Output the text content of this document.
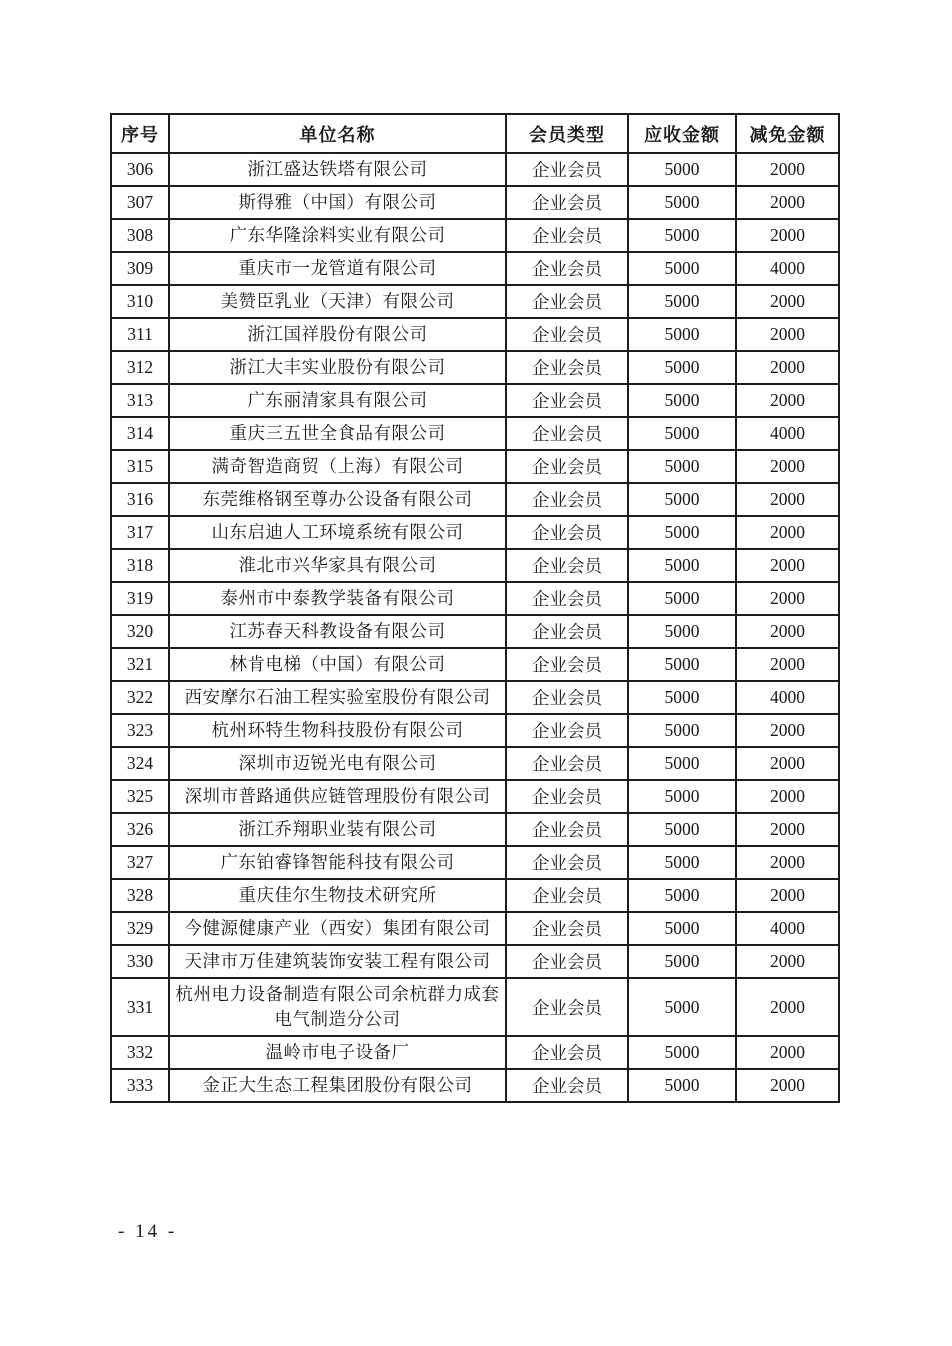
序号	单位名称	会员类型	应收金额	减免金额
306	浙江盛达铁塔有限公司	企业会员	5000	2000
307	斯得雅（中国）有限公司	企业会员	5000	2000
308	广东华隆涂料实业有限公司	企业会员	5000	2000
309	重庆市一龙管道有限公司	企业会员	5000	4000
310	美赞臣乳业（天津）有限公司	企业会员	5000	2000
311	浙江国祥股份有限公司	企业会员	5000	2000
312	浙江大丰实业股份有限公司	企业会员	5000	2000
313	广东丽清家具有限公司	企业会员	5000	2000
314	重庆三五世全食品有限公司	企业会员	5000	4000
315	满奇智造商贸（上海）有限公司	企业会员	5000	2000
316	东莞维格钢至尊办公设备有限公司	企业会员	5000	2000
317	山东启迪人工环境系统有限公司	企业会员	5000	2000
318	淮北市兴华家具有限公司	企业会员	5000	2000
319	泰州市中泰教学装备有限公司	企业会员	5000	2000
320	江苏春天科教设备有限公司	企业会员	5000	2000
321	林肯电梯（中国）有限公司	企业会员	5000	2000
322	西安摩尔石油工程实验室股份有限公司	企业会员	5000	4000
323	杭州环特生物科技股份有限公司	企业会员	5000	2000
324	深圳市迈锐光电有限公司	企业会员	5000	2000
325	深圳市普路通供应链管理股份有限公司	企业会员	5000	2000
326	浙江乔翔职业装有限公司	企业会员	5000	2000
327	广东铂睿锋智能科技有限公司	企业会员	5000	2000
328	重庆佳尔生物技术研究所	企业会员	5000	2000
329	今健源健康产业（西安）集团有限公司	企业会员	5000	4000
330	天津市万佳建筑装饰安装工程有限公司	企业会员	5000	2000
331	杭州电力设备制造有限公司余杭群力成套电气制造分公司	企业会员	5000	2000
332	温岭市电子设备厂	企业会员	5000	2000
333	金正大生态工程集团股份有限公司	企业会员	5000	2000
- 14 -
